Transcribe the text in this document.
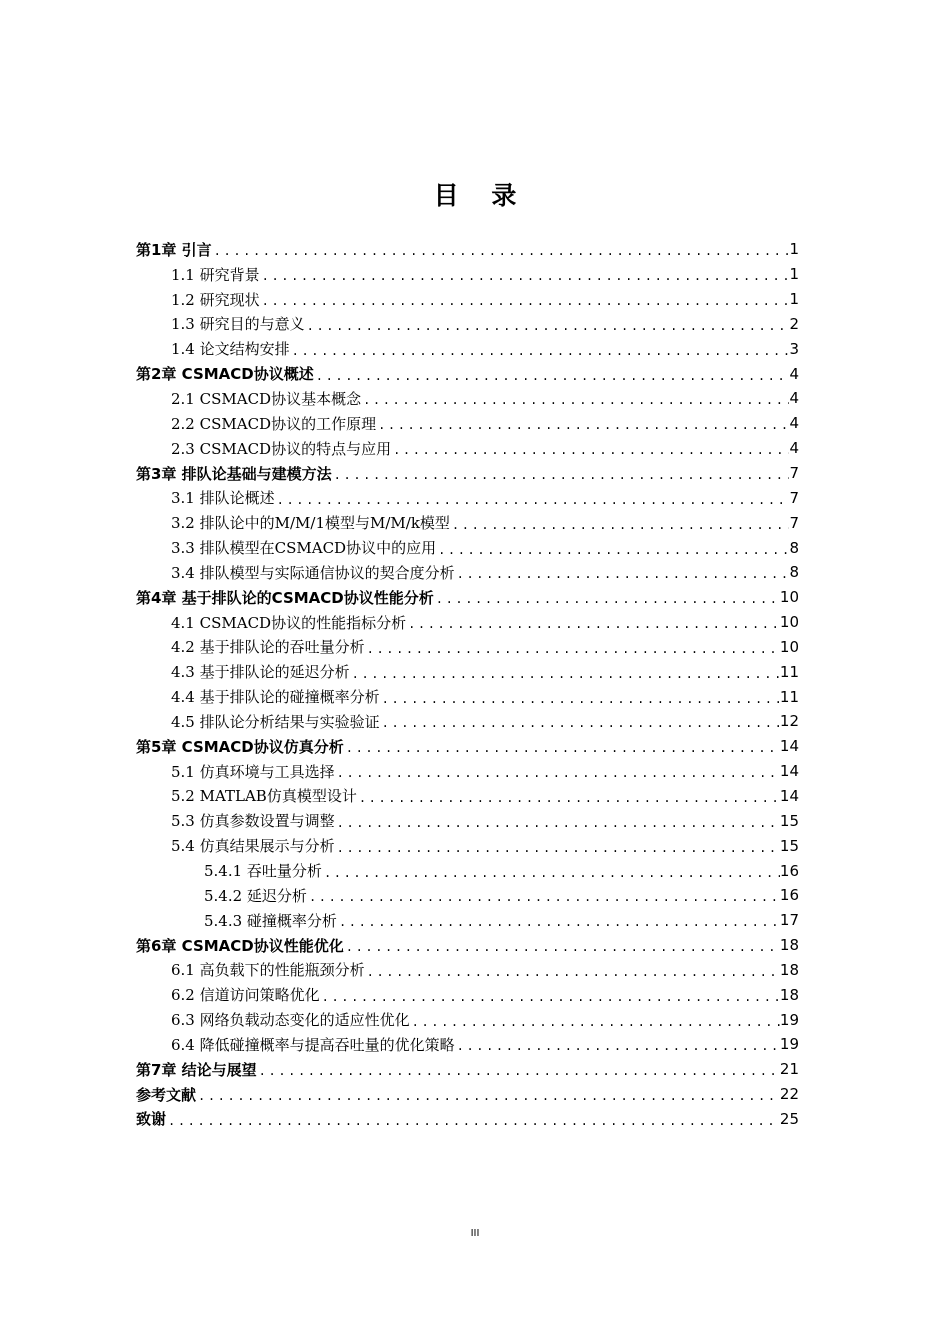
目 录
第1章 引言 .....	1
1.1 研究背景 .....	1
1.2 研究现状 .....	1
1.3 研究目的与意义 .....	2
1.4 论文结构安排 .....	3
第2章 CSMACD协议概述 .....	4
2.1 CSMACD协议基本概念 .....	4
2.2 CSMACD协议的工作原理 .....	4
2.3 CSMACD协议的特点与应用 .....	4
第3章 排队论基础与建模方法 .....	7
3.1 排队论概述 .....	7
3.2 排队论中的M/M/1模型与M/M/k模型 .....	7
3.3 排队模型在CSMACD协议中的应用 .....	8
3.4 排队模型与实际通信协议的契合度分析 .....	8
第4章 基于排队论的CSMACD协议性能分析 .....	10
4.1 CSMACD协议的性能指标分析 .....	10
4.2 基于排队论的吞吐量分析 .....	10
4.3 基于排队论的延迟分析 .....	11
4.4 基于排队论的碰撞概率分析 .....	11
4.5 排队论分析结果与实验验证 .....	12
第5章 CSMACD协议仿真分析 .....	14
5.1 仿真环境与工具选择 .....	14
5.2 MATLAB仿真模型设计 .....	14
5.3 仿真参数设置与调整 .....	15
5.4 仿真结果展示与分析 .....	15
5.4.1 吞吐量分析 .....	16
5.4.2 延迟分析 .....	16
5.4.3 碰撞概率分析 .....	17
第6章 CSMACD协议性能优化 .....	18
6.1 高负载下的性能瓶颈分析 .....	18
6.2 信道访问策略优化 .....	18
6.3 网络负载动态变化的适应性优化 .....	19
6.4 降低碰撞概率与提高吞吐量的优化策略 .....	19
第7章 结论与展望 .....	21
参考文献 .....	22
致谢 .....	25
III
